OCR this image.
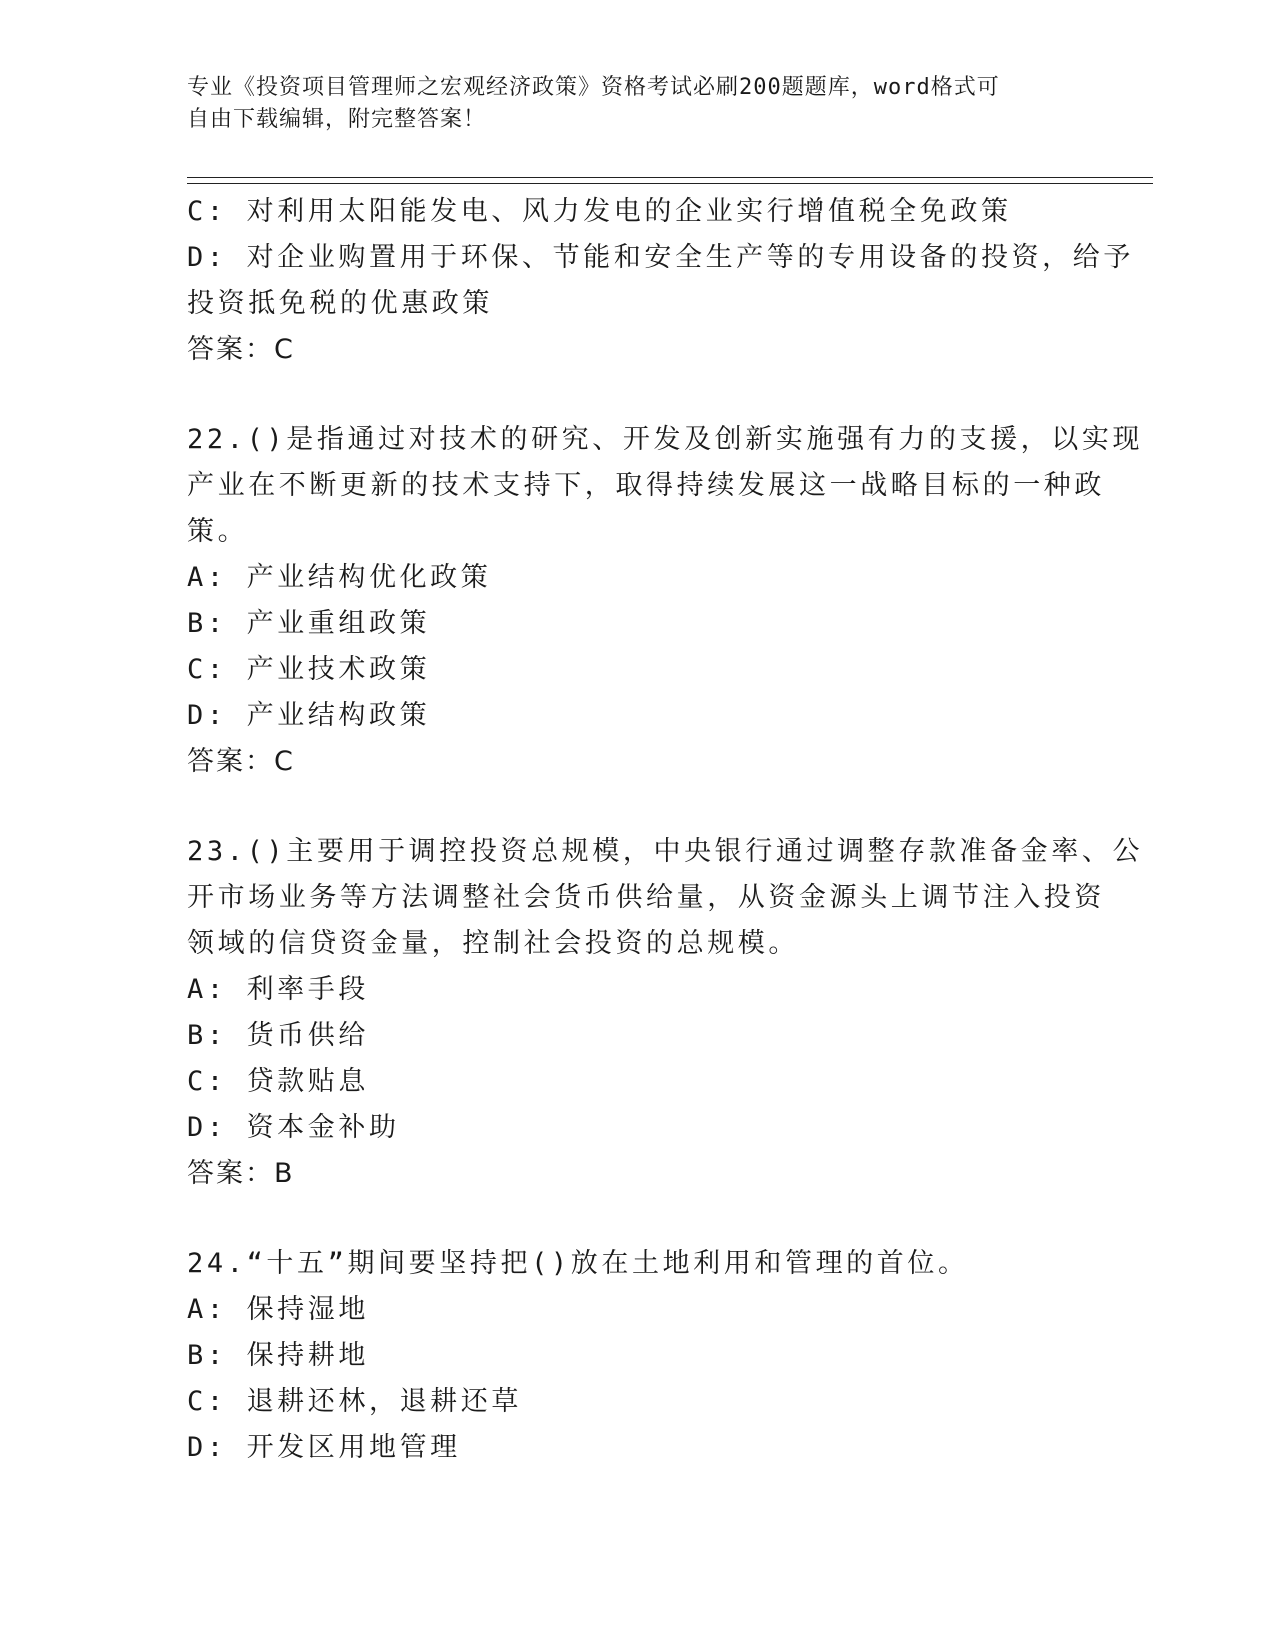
专业《投资项目管理师之宏观经济政策》资格考试必刷200题题库，word格式可
自由下载编辑，附完整答案！
C: 对利用太阳能发电、风力发电的企业实行增值税全免政策
D: 对企业购置用于环保、节能和安全生产等的专用设备的投资，给予
投资抵免税的优惠政策
答案：C
22.()是指通过对技术的研究、开发及创新实施强有力的支援，以实现
产业在不断更新的技术支持下，取得持续发展这一战略目标的一种政
策。
A: 产业结构优化政策
B: 产业重组政策
C: 产业技术政策
D: 产业结构政策
答案：C
23.()主要用于调控投资总规模，中央银行通过调整存款准备金率、公
开市场业务等方法调整社会货币供给量，从资金源头上调节注入投资
领域的信贷资金量，控制社会投资的总规模。
A: 利率手段
B: 货币供给
C: 贷款贴息
D: 资本金补助
答案：B
24.“十五”期间要坚持把()放在土地利用和管理的首位。
A: 保持湿地
B: 保持耕地
C: 退耕还林，退耕还草
D: 开发区用地管理
